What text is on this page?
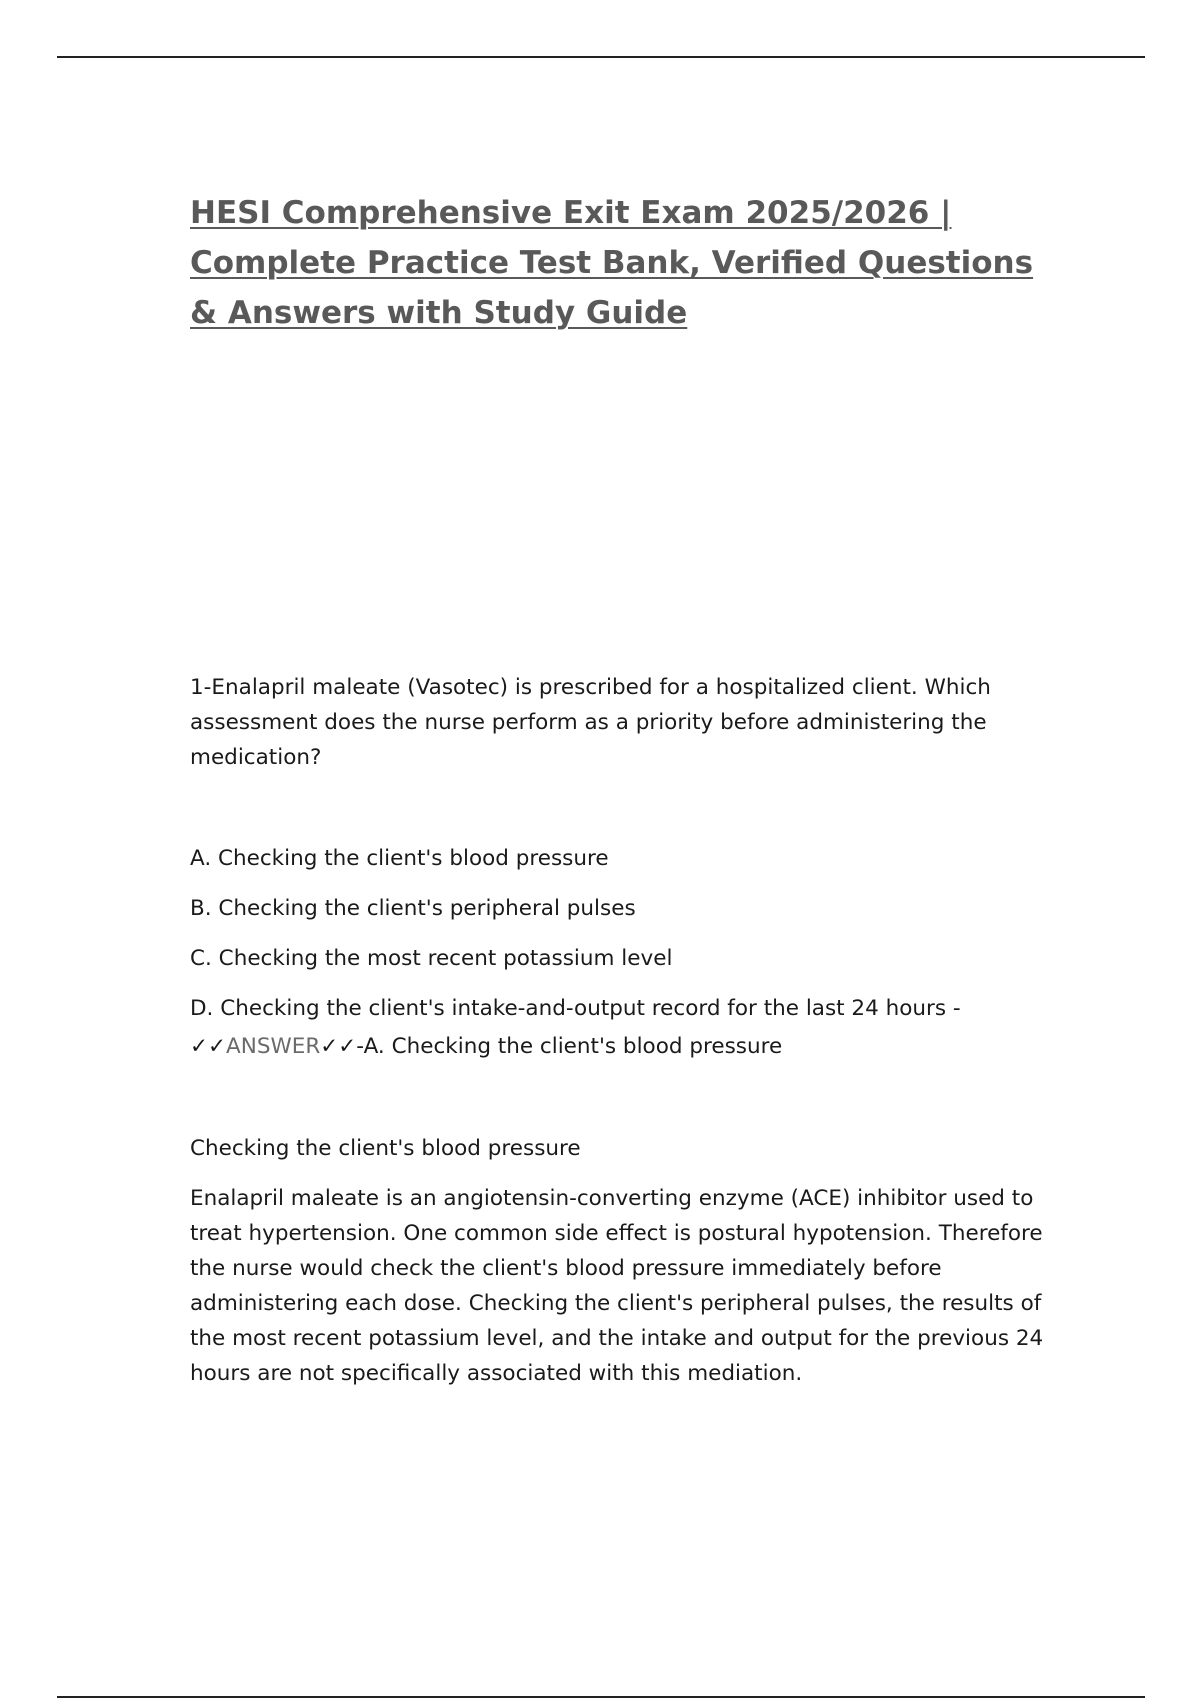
HESI Comprehensive Exit Exam 2025/2026 | Complete Practice Test Bank, Verified Questions & Answers with Study Guide

1-Enalapril maleate (Vasotec) is prescribed for a hospitalized client. Which assessment does the nurse perform as a priority before administering the medication?

A. Checking the client's blood pressure

B. Checking the client's peripheral pulses

C. Checking the most recent potassium level

D. Checking the client's intake-and-output record for the last 24 hours -
✓✓ANSWER✓✓-A. Checking the client's blood pressure

Checking the client's blood pressure

Enalapril maleate is an angiotensin-converting enzyme (ACE) inhibitor used to treat hypertension. One common side effect is postural hypotension. Therefore the nurse would check the client's blood pressure immediately before administering each dose. Checking the client's peripheral pulses, the results of the most recent potassium level, and the intake and output for the previous 24 hours are not specifically associated with this mediation.
